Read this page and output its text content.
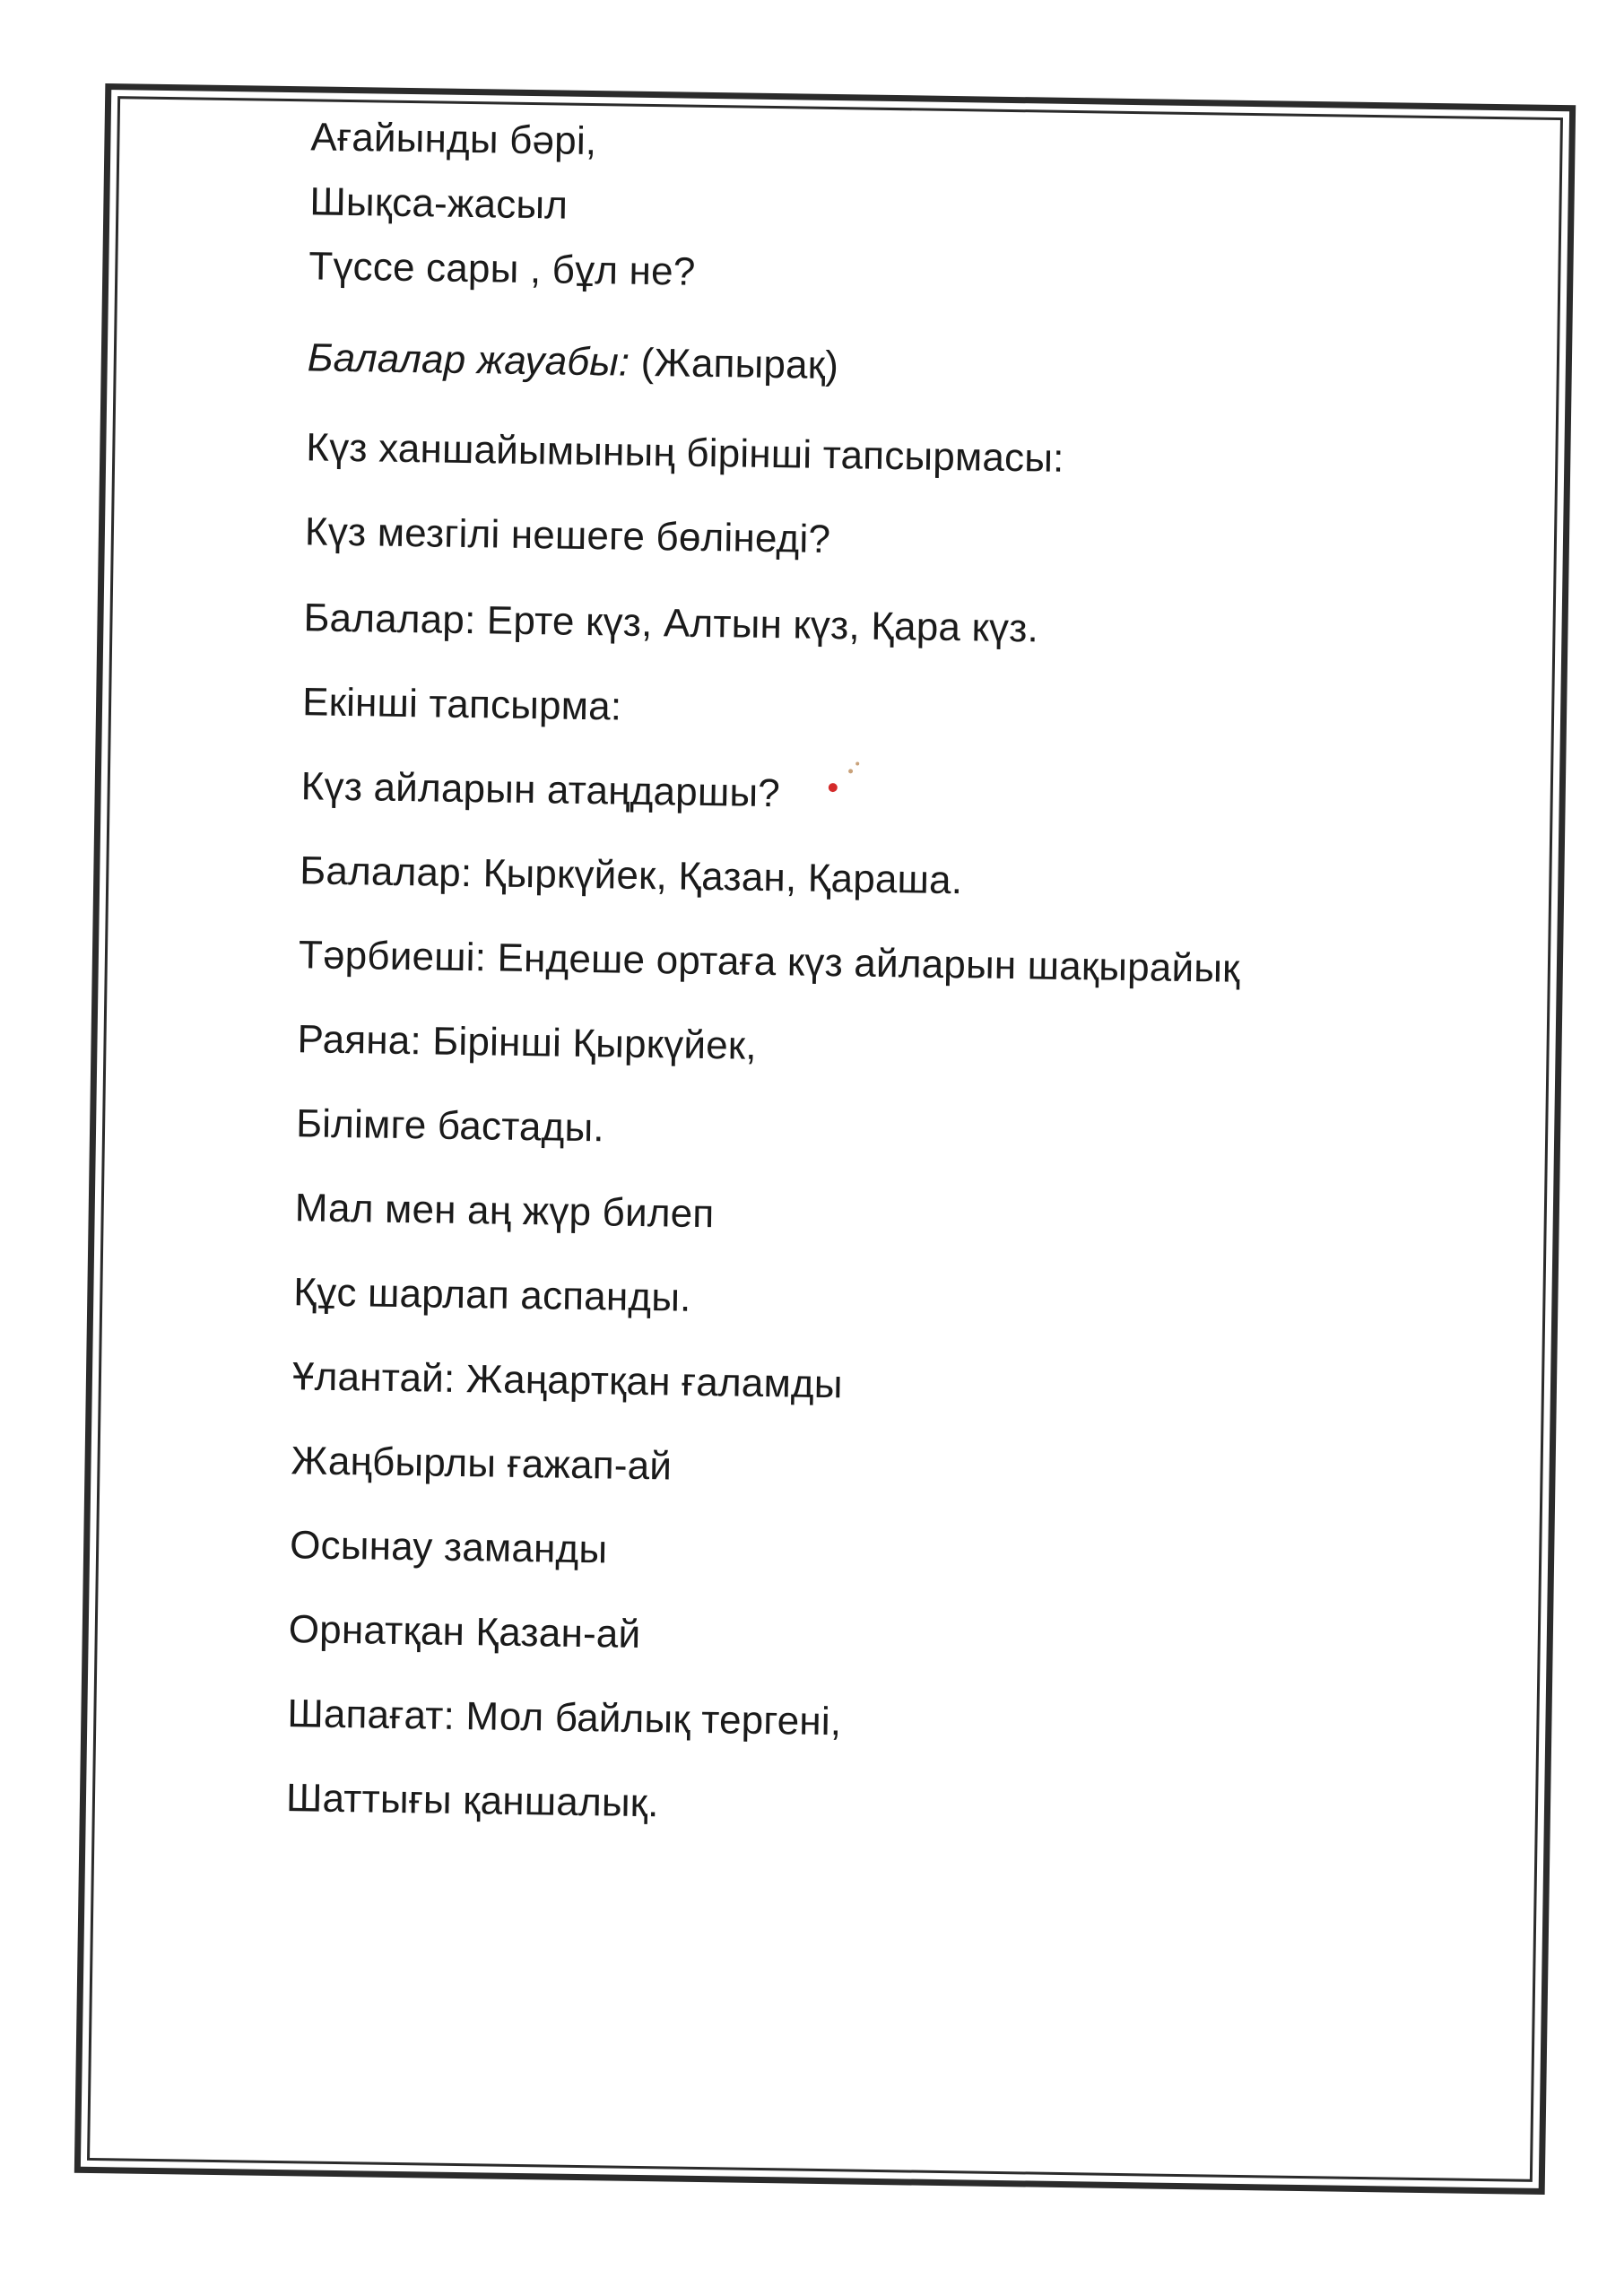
Ағайынды бәрі,
Шықса-жасыл
Түссе сары , бұл не?
Балалар жауабы: (Жапырақ)
Күз ханшайымының бірінші тапсырмасы:
Күз мезгілі нешеге бөлінеді?
Балалар: Ерте күз, Алтын күз, Қара күз.
Екінші тапсырма:
Күз айларын атаңдаршы?
Балалар: Қыркүйек, Қазан, Қараша.
Тәрбиеші: Ендеше ортаға күз айларын шақырайық
Раяна: Бірінші Қыркүйек,
Білімге бастады.
Мал мен аң жүр билеп
Құс шарлап аспанды.
Ұлантай: Жаңартқан ғаламды
Жаңбырлы ғажап-ай
Осынау заманды
Орнатқан Қазан-ай
Шапағат: Мол байлық тергені,
Шаттығы қаншалық.
